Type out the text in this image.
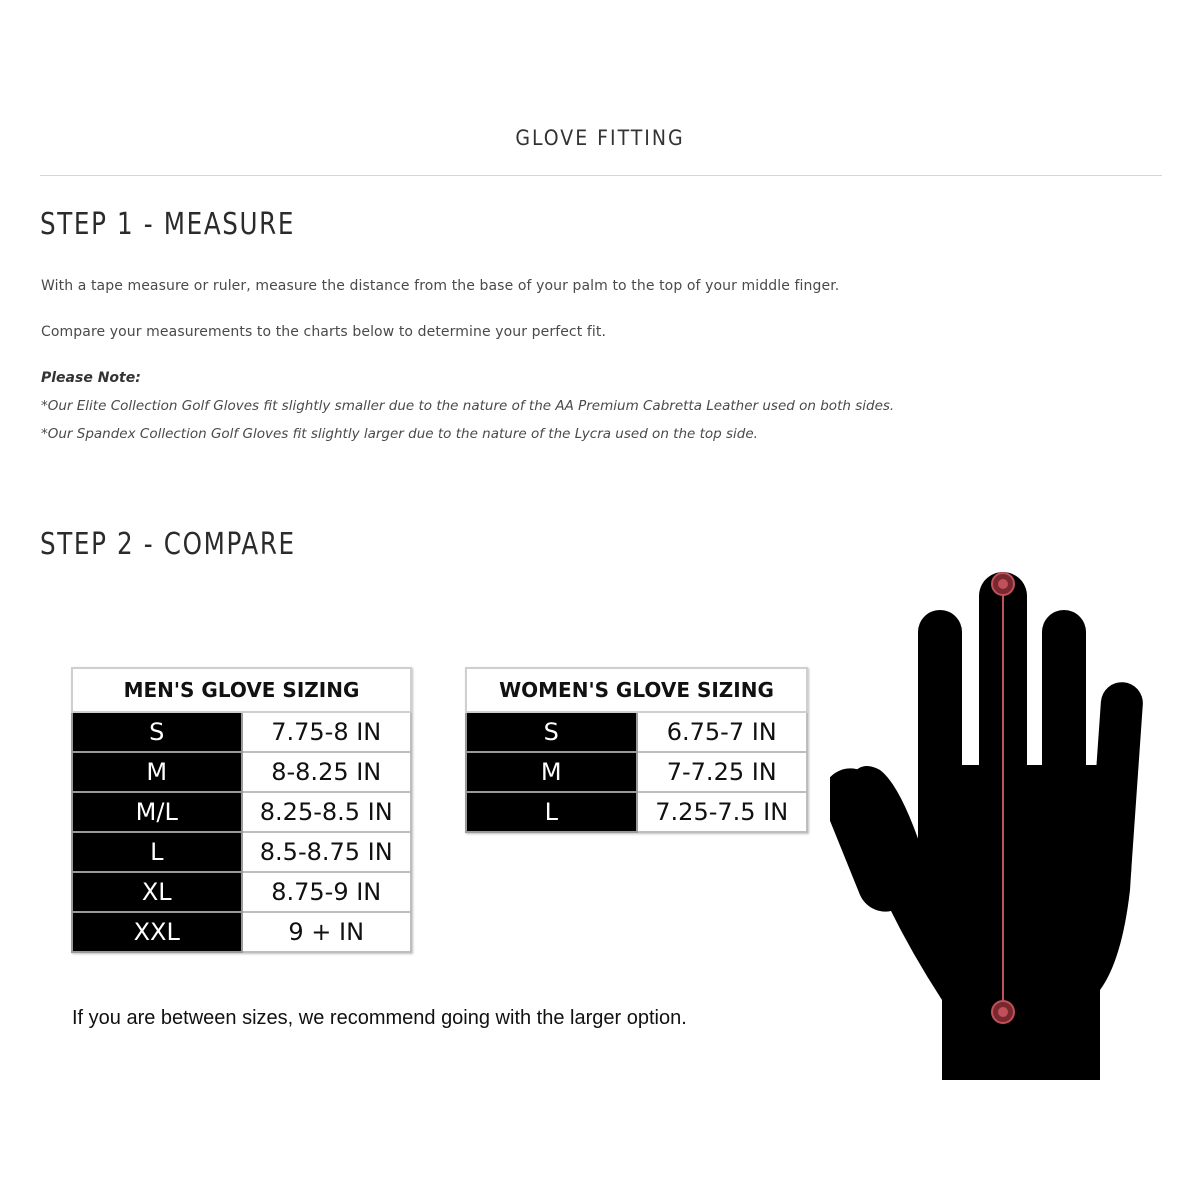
GLOVE FITTING
STEP 1 - MEASURE
With a tape measure or ruler, measure the distance from the base of your palm to the top of your middle finger.
Compare your measurements to the charts below to determine your perfect fit.
Please Note:
*Our Elite Collection Golf Gloves fit slightly smaller due to the nature of the AA Premium Cabretta Leather used on both sides.
*Our Spandex Collection Golf Gloves fit slightly larger due to the nature of the Lycra used on the top side.
STEP 2 - COMPARE
MEN'S GLOVE SIZING	
S	7.75-8 IN
M	8-8.25 IN
M/L	8.25-8.5 IN
L	8.5-8.75 IN
XL	8.75-9 IN
XXL	9 + IN
WOMEN'S GLOVE SIZING	
S	6.75-7 IN
M	7-7.25 IN
L	7.25-7.5 IN
If you are between sizes, we recommend going with the larger option.
